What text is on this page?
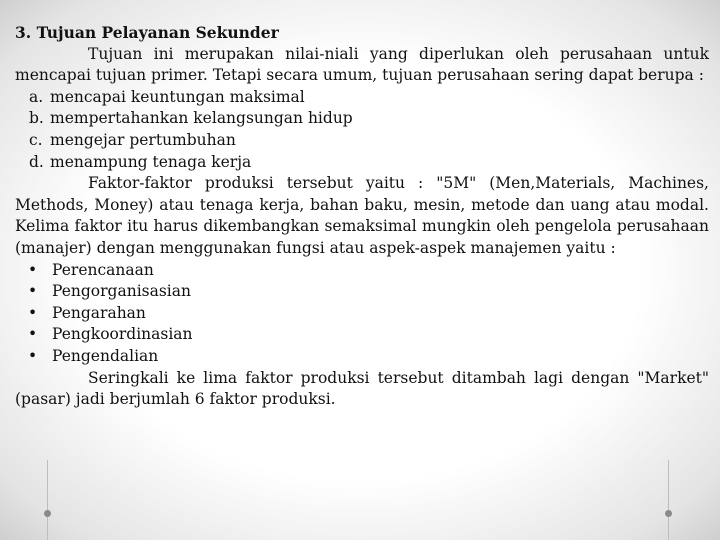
3. Tujuan Pelayanan Sekunder
Tujuan ini merupakan nilai-niali yang diperlukan oleh perusahaan untuk mencapai tujuan primer. Tetapi secara umum, tujuan perusahaan sering dapat berupa :
a. mencapai keuntungan maksimal
b. mempertahankan kelangsungan hidup
c. mengejar pertumbuhan
d. menampung tenaga kerja
Faktor-faktor produksi tersebut yaitu : "5M" (Men,Materials, Machines, Methods, Money) atau tenaga kerja, bahan baku, mesin, metode dan uang atau modal. Kelima faktor itu harus dikembangkan semaksimal mungkin oleh pengelola perusahaan (manajer) dengan menggunakan fungsi atau aspek-aspek manajemen yaitu :
• Perencanaan
• Pengorganisasian
• Pengarahan
• Pengkoordinasian
• Pengendalian
Seringkali ke lima faktor produksi tersebut ditambah lagi dengan "Market" (pasar) jadi berjumlah 6 faktor produksi.
